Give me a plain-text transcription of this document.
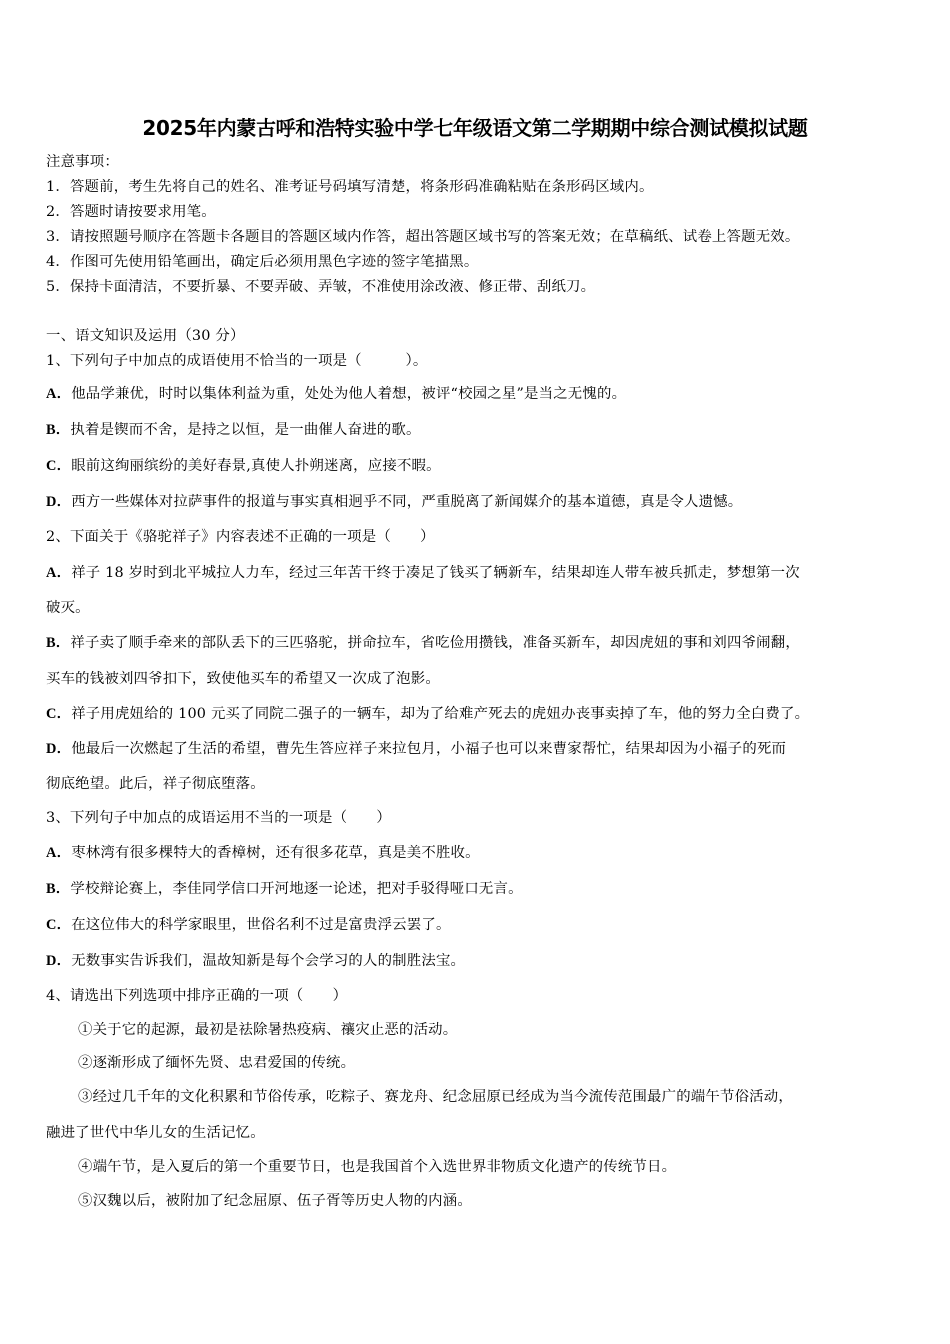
2025年内蒙古呼和浩特实验中学七年级语文第二学期期中综合测试模拟试题
注意事项：
1．答题前，考生先将自己的姓名、准考证号码填写清楚，将条形码准确粘贴在条形码区域内。
2．答题时请按要求用笔。
3．请按照题号顺序在答题卡各题目的答题区域内作答，超出答题区域书写的答案无效；在草稿纸、试卷上答题无效。
4．作图可先使用铅笔画出，确定后必须用黑色字迹的签字笔描黑。
5．保持卡面清洁，不要折暴、不要弄破、弄皱，不准使用涂改液、修正带、刮纸刀。
一、语文知识及运用（30 分）
1、下列句子中加点的成语使用不恰当的一项是（　　　）。
A．他品学兼优，时时以集体利益为重，处处为他人着想，被评“校园之星”是当之无愧的。
B．执着是锲而不舍，是持之以恒，是一曲催人奋进的歌。
C．眼前这绚丽缤纷的美好春景,真使人扑朔迷离，应接不暇。
D．西方一些媒体对拉萨事件的报道与事实真相迥乎不同，严重脱离了新闻媒介的基本道德，真是令人遗憾。
2、下面关于《骆驼祥子》内容表述不正确的一项是（　　）
A．祥子 18 岁时到北平城拉人力车，经过三年苦干终于凑足了钱买了辆新车，结果却连人带车被兵抓走，梦想第一次
破灭。
B．祥子卖了顺手牵来的部队丢下的三匹骆驼，拼命拉车，省吃俭用攒钱，准备买新车，却因虎妞的事和刘四爷闹翻，
买车的钱被刘四爷扣下，致使他买车的希望又一次成了泡影。
C．祥子用虎妞给的 100 元买了同院二强子的一辆车，却为了给难产死去的虎妞办丧事卖掉了车，他的努力全白费了。
D．他最后一次燃起了生活的希望，曹先生答应祥子来拉包月，小福子也可以来曹家帮忙，结果却因为小福子的死而
彻底绝望。此后，祥子彻底堕落。
3、下列句子中加点的成语运用不当的一项是（　　）
A．枣林湾有很多棵特大的香樟树，还有很多花草，真是美不胜收。
B．学校辩论赛上，李佳同学信口开河地逐一论述，把对手驳得哑口无言。
C．在这位伟大的科学家眼里，世俗名利不过是富贵浮云罢了。
D．无数事实告诉我们，温故知新是每个会学习的人的制胜法宝。
4、请选出下列选项中排序正确的一项（　　）
①关于它的起源，最初是祛除暑热疫病、禳灾止恶的活动。
②逐渐形成了缅怀先贤、忠君爱国的传统。
③经过几千年的文化积累和节俗传承，吃粽子、赛龙舟、纪念屈原已经成为当今流传范围最广的端午节俗活动，
融进了世代中华儿女的生活记忆。
④端午节，是入夏后的第一个重要节日，也是我国首个入选世界非物质文化遗产的传统节日。
⑤汉魏以后，被附加了纪念屈原、伍子胥等历史人物的内涵。
